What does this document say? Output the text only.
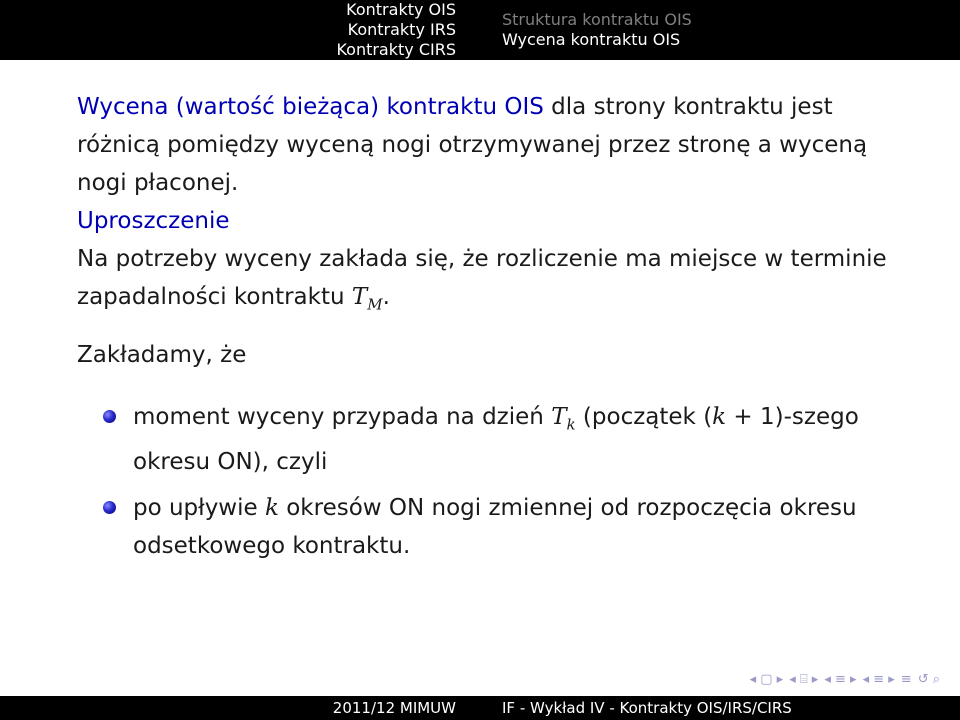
Kontrakty OIS
Kontrakty IRS
Kontrakty CIRS
Struktura kontraktu OIS
Wycena kontraktu OIS

Wycena (wartość bieżąca) kontraktu OIS dla strony kontraktu jest różnicą pomiędzy wyceną nogi otrzymywanej przez stronę a wyceną nogi płaconej.

Uproszczenie
Na potrzeby wyceny zakłada się, że rozliczenie ma miejsce w terminie zapadalności kontraktu $T_M$.
Zakładamy, że
moment wyceny przypada na dzień $T_k$ (początek (k + 1)-szego okresu ON), czyli
po upływie k okresów ON nogi zmiennej od rozpoczęcia okresu odsetkowego kontraktu.
◂ ▢ ▸ ◂ ⌸ ▸ ◂ ≡ ▸ ◂ ≡ ▸ ≡ ↺ ⌕
2011/12 MIMUW	IF - Wykład IV - Kontrakty OIS/IRS/CIRS
